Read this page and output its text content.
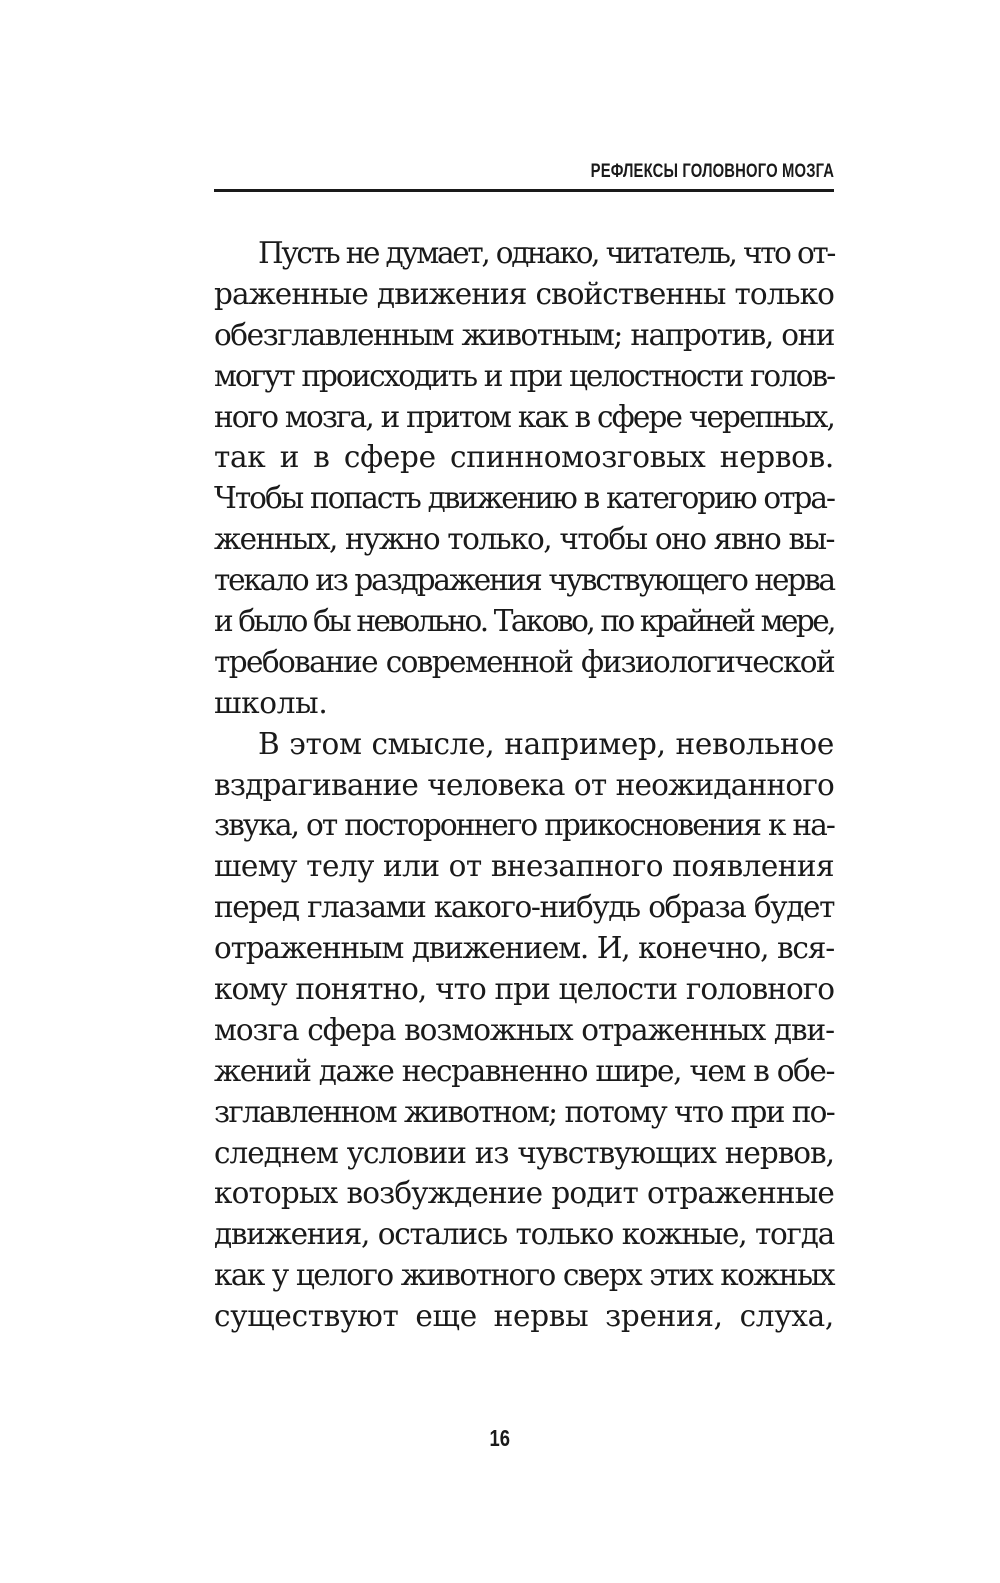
РЕФЛЕКСЫ ГОЛОВНОГО МОЗГА
Пусть не думает, однако, читатель, что от-
раженные движения свойственны только
обезглавленным животным; напротив, они
могут происходить и при целостности голов-
ного мозга, и притом как в сфере черепных,
так и в сфере спинномозговых нервов.
Чтобы попасть движению в категорию отра-
женных, нужно только, чтобы оно явно вы-
текало из раздражения чувствующего нерва
и было бы невольно. Таково, по крайней мере,
требование современной физиологической
школы.
В этом смысле, например, невольное
вздрагивание человека от неожиданного
звука, от постороннего прикосновения к на-
шему телу или от внезапного появления
перед глазами какого-нибудь образа будет
отраженным движением. И, конечно, вся-
кому понятно, что при целости головного
мозга сфера возможных отраженных дви-
жений даже несравненно шире, чем в обе-
зглавленном животном; потому что при по-
следнем условии из чувствующих нервов,
которых возбуждение родит отраженные
движения, остались только кожные, тогда
как у целого животного сверх этих кожных
существуют еще нервы зрения, слуха,
16
